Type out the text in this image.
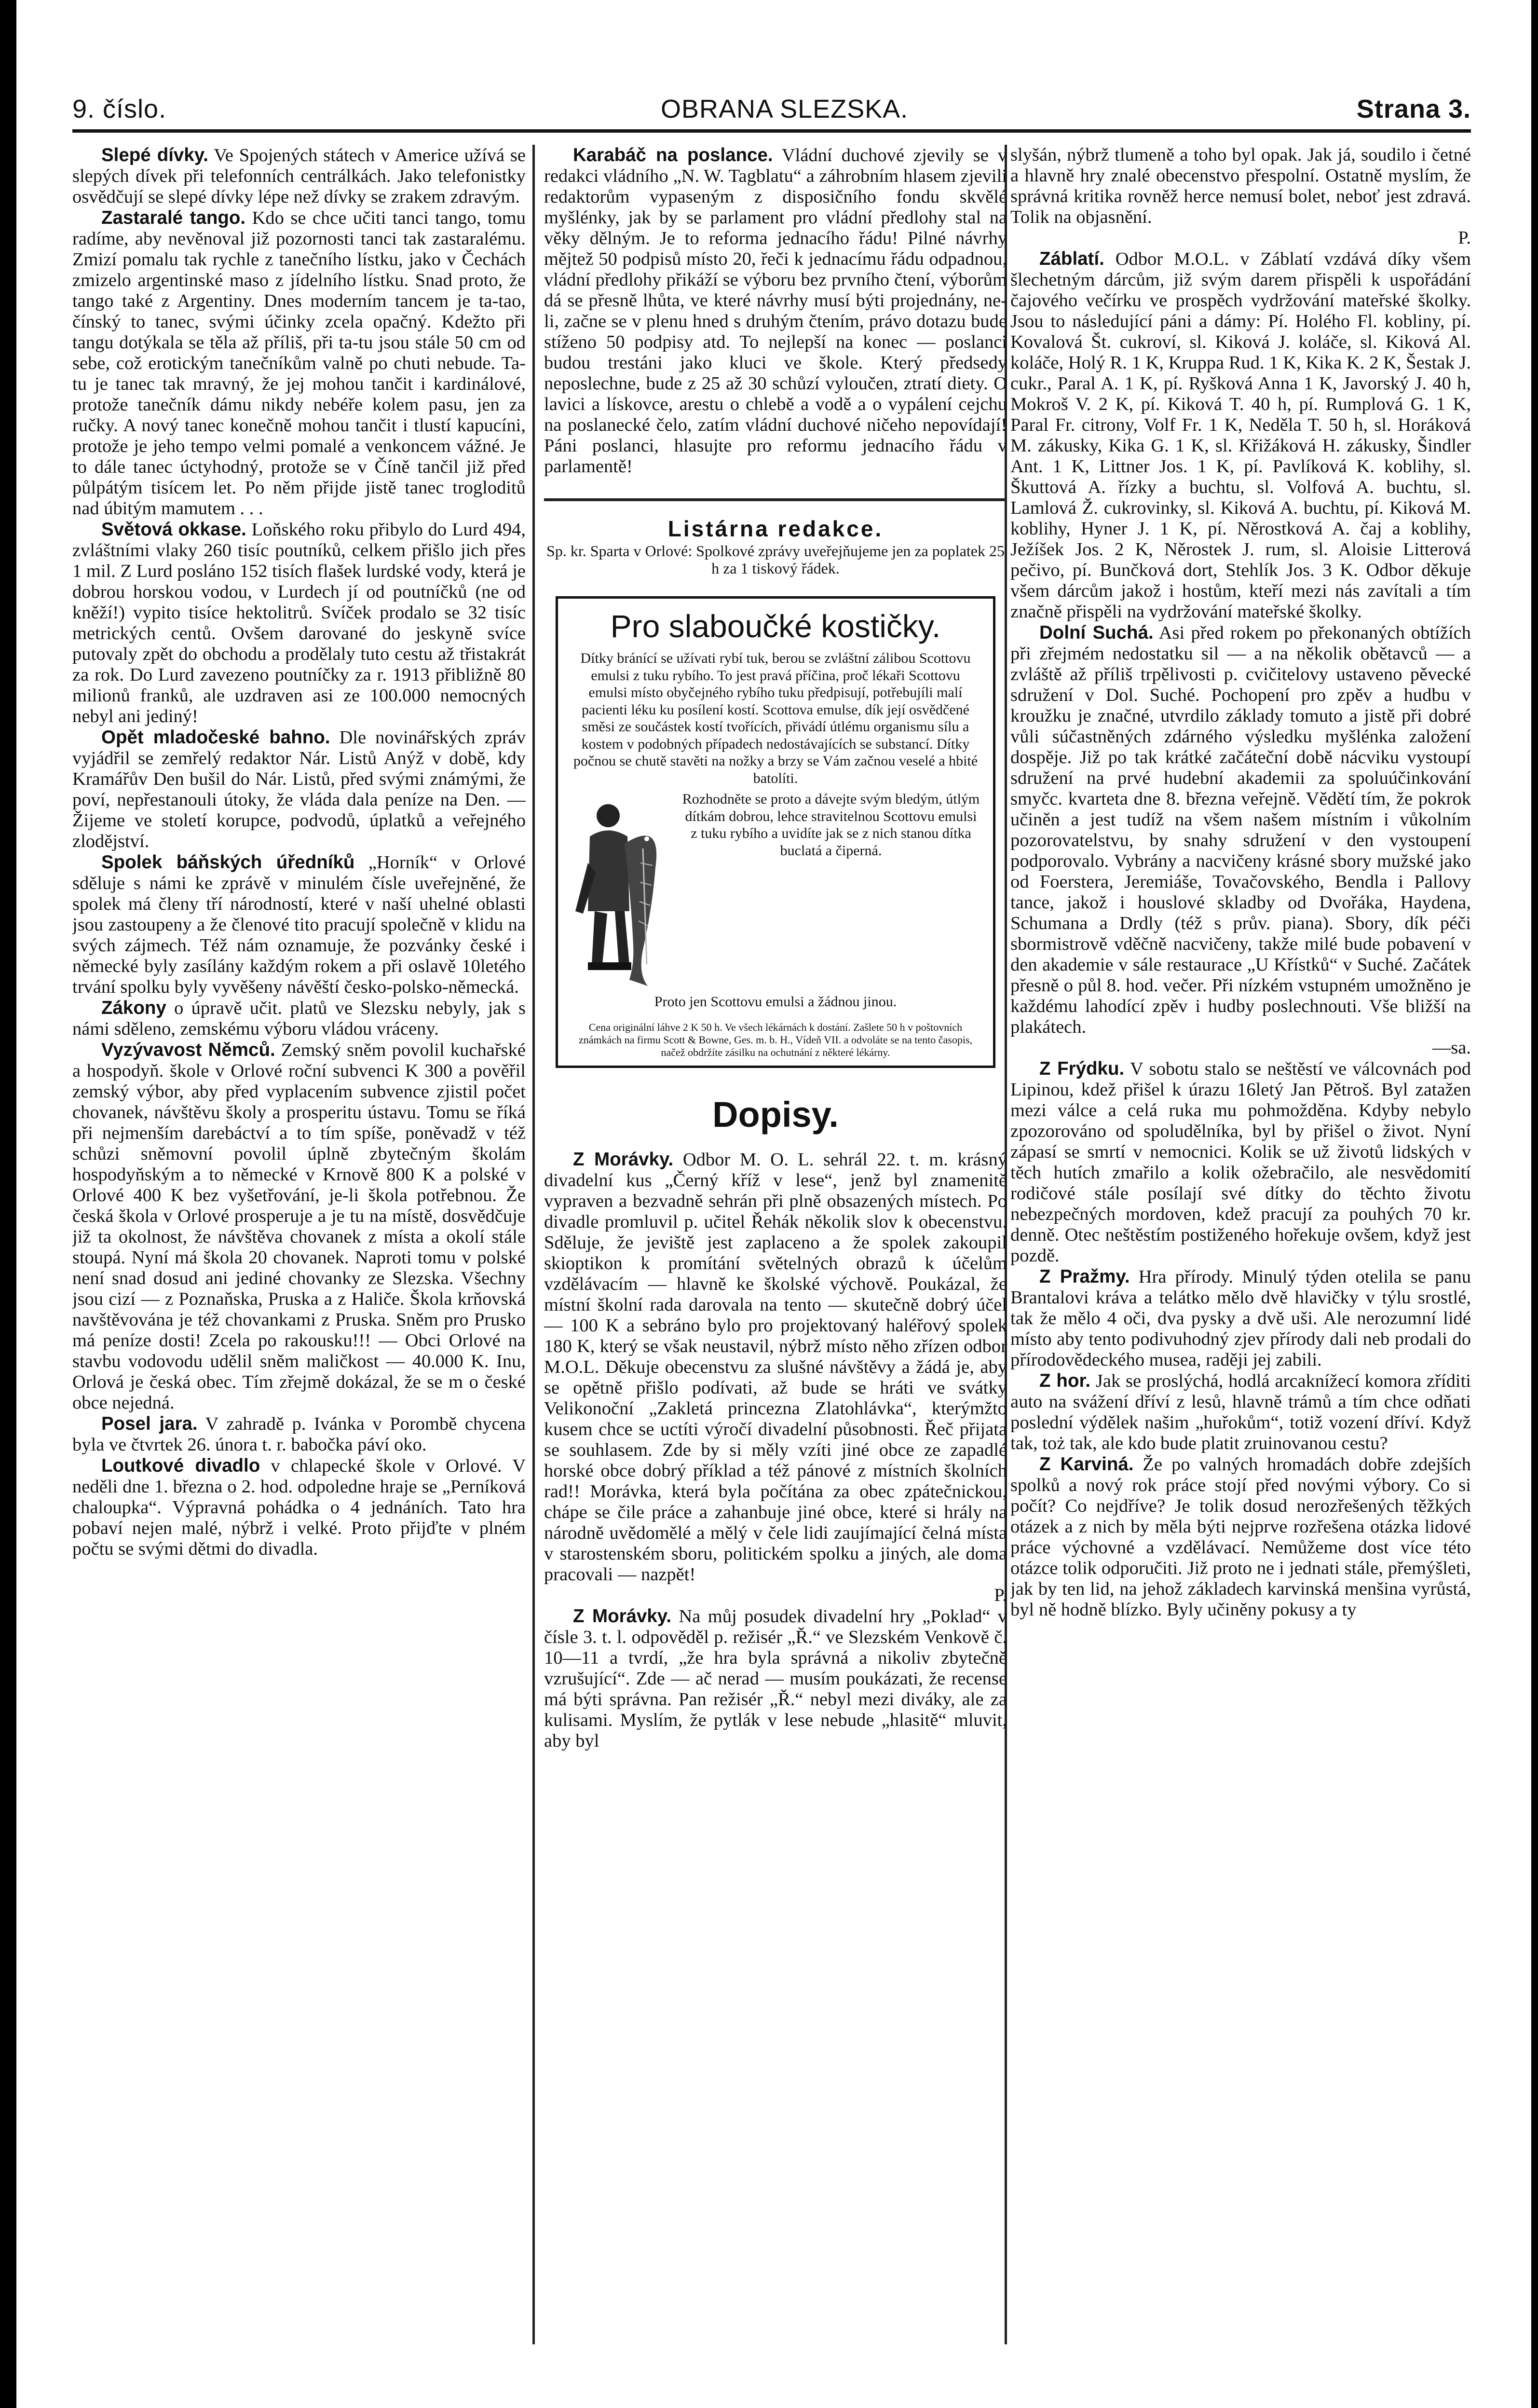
9. číslo.	OBRANA SLEZSKA.	Strana 3.

Slepé dívky. Ve Spojených státech v Americe užívá se slepých dívek při telefonních centrálkách. Jako telefonistky osvědčují se slepé dívky lépe než dívky se zrakem zdravým.

Zastaralé tango. Kdo se chce učiti tanci tango, tomu radíme, aby nevěnoval již pozornosti tanci tak zastaralému. Zmizí pomalu tak rychle z tanečního lístku, jako v Čechách zmizelo argentinské maso z jídelního lístku. Snad proto, že tango také z Argentiny. Dnes moderním tancem je ta-tao, čínský to tanec, svými účinky zcela opačný. Kdežto při tangu dotýkala se těla až příliš, při ta-tu jsou stále 50 cm od sebe, což erotickým tanečníkům valně po chuti nebude. Ta-tu je tanec tak mravný, že jej mohou tančit i kardinálové, protože tanečník dámu nikdy nebéře kolem pasu, jen za ručky. A nový tanec konečně mohou tančit i tlustí kapucíni, protože je jeho tempo velmi pomalé a venkoncem vážné. Je to dále tanec úctyhodný, protože se v Číně tančil již před půlpátým tisícem let. Po něm přijde jistě tanec trogloditů nad úbitým mamutem . . .

Světová okkase. Loňského roku přibylo do Lurd 494, zvláštními vlaky 260 tisíc poutníků, celkem přišlo jich přes 1 mil. Z Lurd posláno 152 tisích flašek lurdské vody, která je dobrou horskou vodou, v Lurdech jí od poutníčků (ne od kněží!) vypito tisíce hektolitrů. Svíček prodalo se 32 tisíc metrických centů. Ovšem darované do jeskyně svíce putovaly zpět do obchodu a prodělaly tuto cestu až třistakrát za rok. Do Lurd zavezeno poutníčky za r. 1913 přibližně 80 milionů franků, ale uzdraven asi ze 100.000 nemocných nebyl ani jediný!

Opět mladočeské bahno. Dle novinářských zpráv vyjádřil se zemřelý redaktor Nár. Listů Anýž v době, kdy Kramářův Den bušil do Nár. Listů, před svými známými, že poví, nepřestanouli útoky, že vláda dala peníze na Den. — Žijeme ve století korupce, podvodů, úplatků a veřejného zlodějství.

Spolek báňských úředníků „Horník“ v Orlové sděluje s námi ke zprávě v minulém čísle uveřejněné, že spolek má členy tří národností, které v naší uhelné oblasti jsou zastoupeny a že členové tito pracují společně v klidu na svých zájmech. Též nám oznamuje, že pozvánky české i německé byly zasílány každým rokem a při oslavě 10letého trvání spolku byly vyvěšeny návěští česko-polsko-německá.

Zákony o úpravě učit. platů ve Slezsku nebyly, jak s námi sděleno, zemskému výboru vládou vráceny.

Vyzývavost Němců. Zemský sněm povolil kuchařské a hospodyň. škole v Orlové roční subvenci K 300 a pověřil zemský výbor, aby před vyplacením subvence zjistil počet chovanek, návštěvu školy a prosperitu ústavu. Tomu se říká při nejmenším darebáctví a to tím spíše, poněvadž v též schůzi sněmovní povolil úplně zbytečným školám hospodyňským a to německé v Krnově 800 K a polské v Orlové 400 K bez vyšetřování, je-li škola potřebnou. Že česká škola v Orlové prosperuje a je tu na místě, dosvědčuje již ta okolnost, že návštěva chovanek z místa a okolí stále stoupá. Nyní má škola 20 chovanek. Naproti tomu v polské není snad dosud ani jediné chovanky ze Slezska. Všechny jsou cizí — z Poznaňska, Pruska a z Haliče. Škola krňovská navštěvována je též chovankami z Pruska. Sněm pro Prusko má peníze dosti! Zcela po rakousku!!! — Obci Orlové na stavbu vodovodu udělil sněm maličkost — 40.000 K. Inu, Orlová je česká obec. Tím zřejmě dokázal, že se m o české obce nejedná.

Posel jara. V zahradě p. Ivánka v Porombě chycena byla ve čtvrtek 26. února t. r. babočka páví oko.

Loutkové divadlo v chlapecké škole v Orlové. V neděli dne 1. března o 2. hod. odpoledne hraje se „Perníková chaloupka“. Výpravná pohádka o 4 jednáních. Tato hra pobaví nejen malé, nýbrž i velké. Proto přijďte v plném počtu se svými dětmi do divadla.

Karabáč na poslance. Vládní duchové zjevily se v redakci vládního „N. W. Tagblatu“ a záhrobním hlasem zjevili redaktorům vypaseným z disposičního fondu skvělé myšlénky, jak by se parlament pro vládní předlohy stal na věky dělným. Je to reforma jednacího řádu! Pilné návrhy mějtež 50 podpisů místo 20, řeči k jednacímu řádu odpadnou, vládní předlohy přikáží se výboru bez prvního čtení, výborům dá se přesně lhůta, ve které návrhy musí býti projednány, ne-li, začne se v plenu hned s druhým čtením, právo dotazu bude stíženo 50 podpisy atd. To nejlepší na konec — poslanci budou trestáni jako kluci ve škole. Který předsedy neposlechne, bude z 25 až 30 schůzí vyloučen, ztratí diety. O lavici a lískovce, arestu o chlebě a vodě a o vypálení cejchu na poslanecké čelo, zatím vládní duchové ničeho nepovídají! Páni poslanci, hlasujte pro reformu jednacího řádu v parlamentě!

Listárna redakce.

Sp. kr. Sparta v Orlové: Spolkové zprávy uveřejňujeme jen za poplatek 25 h za 1 tiskový řádek.

Pro slaboučké kostičky.

Dítky bránící se užívati rybí tuk, berou se zvláštní zálibou Scottovu emulsi z tuku rybího. To jest pravá příčina, proč lékaři Scottovu emulsi místo obyčejného rybího tuku předpisují, potřebujíli malí pacienti léku ku posílení kostí. Scottova emulse, dík její osvědčené směsi ze součástek kostí tvořících, přivádí útlému organismu sílu a kostem v podobných případech nedostávajících se substancí. Dítky počnou se chutě stavěti na nožky a brzy se Vám začnou veselé a hbité batolíti.

Rozhodněte se proto a dávejte svým bledým, útlým dítkám dobrou, lehce stravitelnou Scottovu emulsi z tuku rybího a uvidíte jak se z nich stanou dítka buclatá a čiperná.

Proto jen Scottovu emulsi a žádnou jinou.

Cena originální láhve 2 K 50 h. Ve všech lékárnách k dostání. Zašlete 50 h v poštovních známkách na firmu Scott & Bowne, Ges. m. b. H., Vídeň VII. a odvoláte se na tento časopis, načež obdržíte zásilku na ochutnání z některé lékárny.

Dopisy.

Z Morávky. Odbor M. O. L. sehrál 22. t. m. krásný divadelní kus „Černý kříž v lese“, jenž byl znamenitě vypraven a bezvadně sehrán při plně obsazených místech. Po divadle promluvil p. učitel Řehák několik slov k obecenstvu. Sděluje, že jeviště jest zaplaceno a že spolek zakoupil skioptikon k promítání světelných obrazů k účelům vzdělávacím — hlavně ke školské výchově. Poukázal, že místní školní rada darovala na tento — skutečně dobrý účel — 100 K a sebráno bylo pro projektovaný haléřový spolek 180 K, který se však neustavil, nýbrž místo něho zřízen odbor M.O.L. Děkuje obecenstvu za slušné návštěvy a žádá je, aby se opětně přišlo podívati, až bude se hráti ve svátky Velikonoční „Zakletá princezna Zlatohlávka“, kterýmžto kusem chce se uctíti výročí divadelní působnosti. Řeč přijata se souhlasem. Zde by si měly vzíti jiné obce ze zapadlé horské obce dobrý příklad a též pánové z místních školních rad!! Morávka, která byla počítána za obec zpátečnickou, chápe se čile práce a zahanbuje jiné obce, které si hrály na národně uvědomělé a mělý v čele lidi zaujímající čelná místa v starostenském sboru, politickém spolku a jiných, ale doma pracovali — nazpět!

P.

Z Morávky. Na můj posudek divadelní hry „Poklad“ v čísle 3. t. l. odpověděl p. režisér „Ř.“ ve Slezském Venkově č. 10—11 a tvrdí, „že hra byla správná a nikoliv zbytečně vzrušující“. Zde — ač nerad — musím poukázati, že recense má býti správna. Pan režisér „Ř.“ nebyl mezi diváky, ale za kulisami. Myslím, že pytlák v lese nebude „hlasitě“ mluvit, aby byl

slyšán, nýbrž tlumeně a toho byl opak. Jak já, soudilo i četné a hlavně hry znalé obecenstvo přespolní. Ostatně myslím, že správná kritika rovněž herce nemusí bolet, neboť jest zdravá. Tolik na objasnění.

P.

Záblatí. Odbor M.O.L. v Záblatí vzdává díky všem šlechetným dárcům, již svým darem přispěli k uspořádání čajového večírku ve prospěch vydržování mateřské školky. Jsou to následující páni a dámy: Pí. Holého Fl. kobliny, pí. Kovalová Št. cukroví, sl. Kiková J. koláče, sl. Kiková Al. koláče, Holý R. 1 K, Kruppa Rud. 1 K, Kika K. 2 K, Šestak J. cukr., Paral A. 1 K, pí. Ryšková Anna 1 K, Javorský J. 40 h, Mokroš V. 2 K, pí. Kiková T. 40 h, pí. Rumplová G. 1 K, Paral Fr. citrony, Volf Fr. 1 K, Neděla T. 50 h, sl. Horáková M. zákusky, Kika G. 1 K, sl. Křižáková H. zákusky, Šindler Ant. 1 K, Littner Jos. 1 K, pí. Pavlíková K. koblihy, sl. Škuttová A. řízky a buchtu, sl. Volfová A. buchtu, sl. Lamlová Ž. cukrovinky, sl. Kiková A. buchtu, pí. Kiková M. koblihy, Hyner J. 1 K, pí. Něrostková A. čaj a koblihy, Ježíšek Jos. 2 K, Něrostek J. rum, sl. Aloisie Litterová pečivo, pí. Bunčková dort, Stehlík Jos. 3 K. Odbor děkuje všem dárcům jakož i hostům, kteří mezi nás zavítali a tím značně přispěli na vydržování mateřské školky.

Dolní Suchá. Asi před rokem po překonaných obtížích při zřejmém nedostatku sil — a na několik obětavců — a zvláště až příliš trpělivosti p. cvičitelovy ustaveno pěvecké sdružení v Dol. Suché. Pochopení pro zpěv a hudbu v kroužku je značné, utvrdilo základy tomuto a jistě při dobré vůli súčastněných zdárného výsledku myšlénka založení dospěje. Již po tak krátké začáteční době nácviku vystoupí sdružení na prvé hudební akademii za spoluúčinkování smyčc. kvarteta dne 8. března veřejně. Vědětí tím, že pokrok učiněn a jest tudíž na všem našem místním i vůkolním pozorovatelstvu, by snahy sdružení v den vystoupení podporovalo. Vybrány a nacvičeny krásné sbory mužské jako od Foerstera, Jeremiáše, Tovačovského, Bendla i Pallovy tance, jakož i houslové skladby od Dvořáka, Haydena, Schumana a Drdly (též s prův. piana). Sbory, dík péči sbormistrově vděčně nacvičeny, takže milé bude pobavení v den akademie v sále restaurace „U Křístků“ v Suché. Začátek přesně o půl 8. hod. večer. Při nízkém vstupném umožněno je každému lahodící zpěv i hudby poslechnouti. Vše bližší na plakátech.

—sa.

Z Frýdku. V sobotu stalo se neštěstí ve válcovnách pod Lipinou, kdež přišel k úrazu 16letý Jan Pětroš. Byl zatažen mezi válce a celá ruka mu pohmožděna. Kdyby nebylo zpozorováno od spoludělníka, byl by přišel o život. Nyní zápasí se smrtí v nemocnici. Kolik se už životů lidských v těch hutích zmařilo a kolik ožebračilo, ale nesvědomití rodičové stále posílají své dítky do těchto životu nebezpečných mordoven, kdež pracují za pouhých 70 kr. denně. Otec neštěstím postiženého hořekuje ovšem, když jest pozdě.

Z Pražmy. Hra přírody. Minulý týden otelila se panu Brantalovi kráva a telátko mělo dvě hlavičky v týlu srostlé, tak že mělo 4 oči, dva pysky a dvě uši. Ale nerozumní lidé místo aby tento podivuhodný zjev přírody dali neb prodali do přírodovědeckého musea, raději jej zabili.

Z hor. Jak se proslýchá, hodlá arcaknížecí komora zříditi auto na svážení dříví z lesů, hlavně trámů a tím chce odňati poslední výdělek našim „huřokům“, totiž vození dříví. Když tak, toż tak, ale kdo bude platit zruinovanou cestu?

Z Karviná. Že po valných hromadách dobře zdejších spolků a nový rok práce stojí před novými výbory. Co si počít? Co nejdříve? Je tolik dosud nerozřešených těžkých otázek a z nich by měla býti nejprve rozřešena otázka lidové práce výchovné a vzdělávací. Nemůžeme dost více této otázce tolik odporučiti. Již proto ne i jednati stále, přemýšleti, jak by ten lid, na jehož základech karvinská menšina vyrůstá, byl ně hodně blízko. Byly učiněny pokusy a ty
